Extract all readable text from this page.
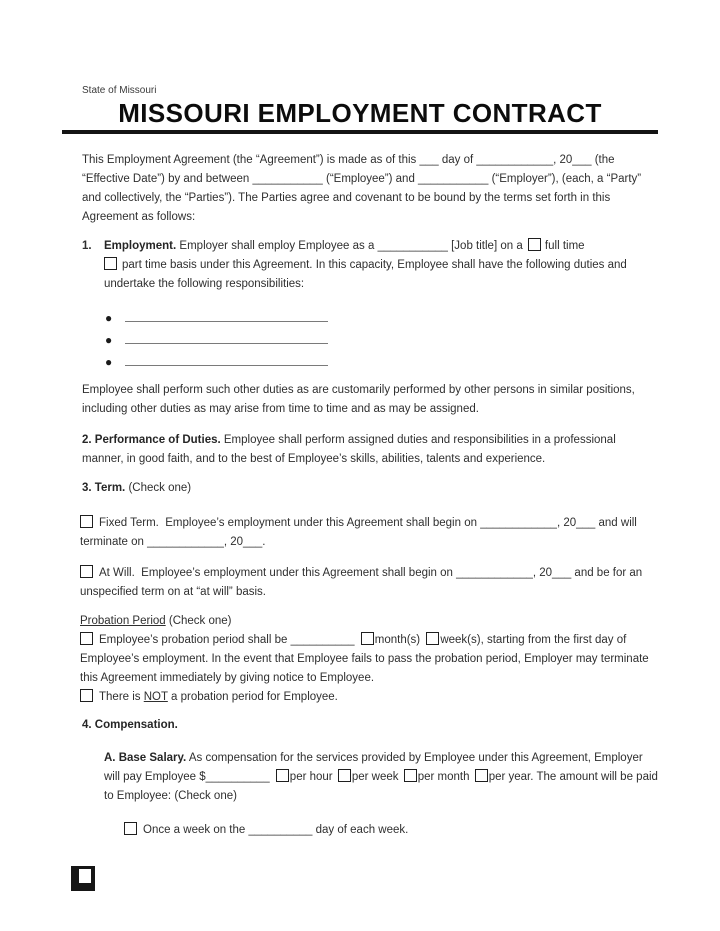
State of Missouri

MISSOURI EMPLOYMENT CONTRACT

This Employment Agreement (the “Agreement”) is made as of this ___ day of ____________, 20___ (the “Effective Date”) by and between ___________ (“Employee”) and ___________ (“Employer”), (each, a “Party” and collectively, the “Parties”). The Parties agree and covenant to be bound by the terms set forth in this Agreement as follows:

1.	Employment. Employer shall employ Employee as a ___________ [Job title] on a full time
part time basis under this Agreement. In this capacity, Employee shall have the following duties and undertake the following responsibilities:
●
●
●

Employee shall perform such other duties as are customarily performed by other persons in similar positions, including other duties as may arise from time to time and as may be assigned.

2. Performance of Duties. Employee shall perform assigned duties and responsibilities in a professional manner, in good faith, and to the best of Employee’s skills, abilities, talents and experience.

3. Term. (Check one)

Fixed Term. Employee’s employment under this Agreement shall begin on ____________, 20___ and will terminate on ____________, 20___.

At Will. Employee’s employment under this Agreement shall begin on ____________, 20___ and be for an unspecified term on at “at will” basis.

Probation Period (Check one)
Employee’s probation period shall be __________ month(s) week(s), starting from the first day of Employee’s employment. In the event that Employee fails to pass the probation period, Employer may terminate this Agreement immediately by giving notice to Employee.
There is NOT a probation period for Employee.

4. Compensation.

A. Base Salary. As compensation for the services provided by Employee under this Agreement, Employer will pay Employee $__________ per hour per week per month per year. The amount will be paid to Employee: (Check one)

Once a week on the __________ day of each week.
